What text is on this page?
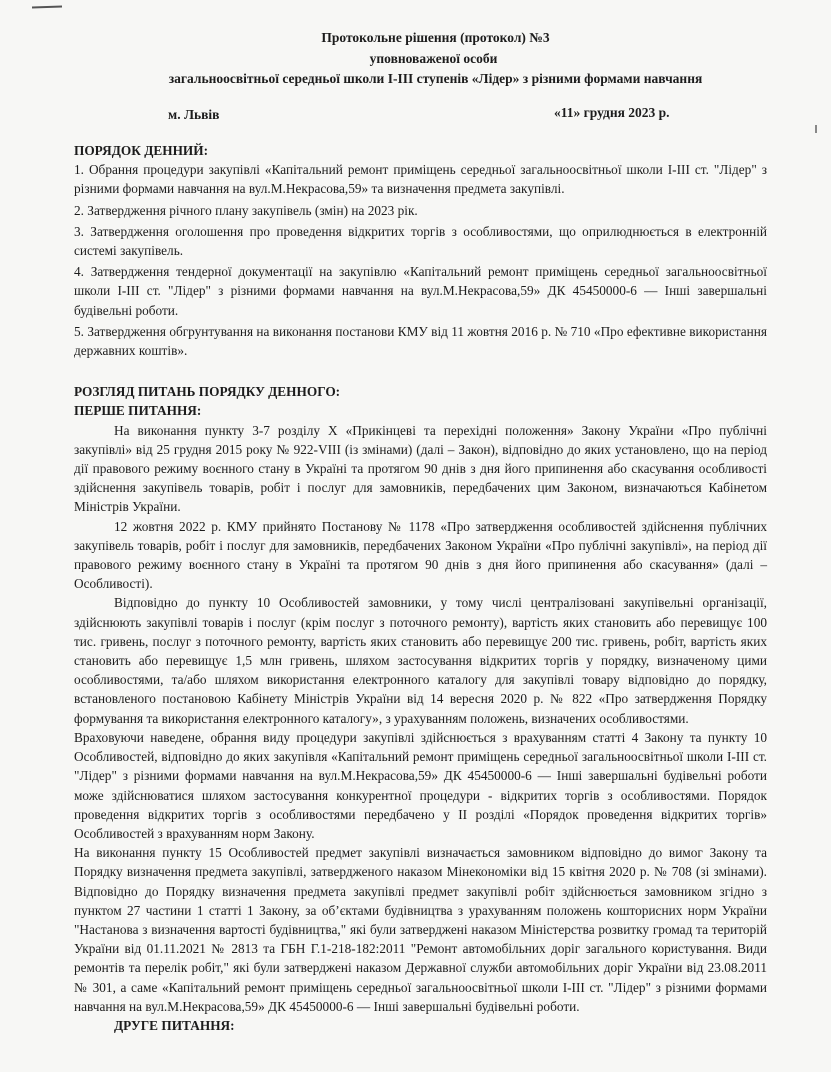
Протокольне рішення (протокол) №3
уповноваженої особи
загальноосвітньої середньої школи І-ІІІ ступенів «Лідер» з різними формами навчання
м. Львів	«11» грудня 2023 р.

ПОРЯДОК ДЕННИЙ:

1. Обрання процедури закупівлі «Капітальний ремонт приміщень середньої загальноосвітньої школи І-ІІІ ст. "Лідер" з різними формами навчання на вул.М.Некрасова,59» та визначення предмета закупівлі.

2. Затвердження річного плану закупівель (змін) на 2023 рік.

3. Затвердження оголошення про проведення відкритих торгів з особливостями, що оприлюднюється в електронній системі закупівель.

4. Затвердження тендерної документації на закупівлю «Капітальний ремонт приміщень середньої загальноосвітньої школи І-ІІІ ст. "Лідер" з різними формами навчання на вул.М.Некрасова,59» ДК 45450000-6 — Інші завершальні будівельні роботи.

5. Затвердження обгрунтування на виконання постанови КМУ від 11 жовтня 2016 р. № 710 «Про ефективне використання державних коштів».

РОЗГЛЯД ПИТАНЬ ПОРЯДКУ ДЕННОГО:

ПЕРШЕ ПИТАННЯ:

На виконання пункту 3-7 розділу X «Прикінцеві та перехідні положення» Закону України «Про публічні закупівлі» від 25 грудня 2015 року № 922-VIII (із змінами) (далі – Закон), відповідно до яких установлено, що на період дії правового режиму воєнного стану в Україні та протягом 90 днів з дня його припинення або скасування особливості здійснення закупівель товарів, робіт і послуг для замовників, передбачених цим Законом, визначаються Кабінетом Міністрів України.

12 жовтня 2022 р. КМУ прийнято Постанову № 1178 «Про затвердження особливостей здійснення публічних закупівель товарів, робіт і послуг для замовників, передбачених Законом України «Про публічні закупівлі», на період дії правового режиму воєнного стану в Україні та протягом 90 днів з дня його припинення або скасування» (далі – Особливості).

Відповідно до пункту 10 Особливостей замовники, у тому числі централізовані закупівельні організації, здійснюють закупівлі товарів і послуг (крім послуг з поточного ремонту), вартість яких становить або перевищує 100 тис. гривень, послуг з поточного ремонту, вартість яких становить або перевищує 200 тис. гривень, робіт, вартість яких становить або перевищує 1,5 млн гривень, шляхом застосування відкритих торгів у порядку, визначеному цими особливостями, та/або шляхом використання електронного каталогу для закупівлі товару відповідно до порядку, встановленого постановою Кабінету Міністрів України від 14 вересня 2020 р. № 822 «Про затвердження Порядку формування та використання електронного каталогу», з урахуванням положень, визначених особливостями.

Враховуючи наведене, обрання виду процедури закупівлі здійснюється з врахуванням статті 4 Закону та пункту 10 Особливостей, відповідно до яких закупівля «Капітальний ремонт приміщень середньої загальноосвітньої школи І-ІІІ ст. "Лідер" з різними формами навчання на вул.М.Некрасова,59» ДК 45450000-6 — Інші завершальні будівельні роботи може здійснюватися шляхом застосування конкурентної процедури - відкритих торгів з особливостями. Порядок проведення відкритих торгів з особливостями передбачено у ІІ розділі «Порядок проведення відкритих торгів» Особливостей з врахуванням норм Закону.

На виконання пункту 15 Особливостей предмет закупівлі визначається замовником відповідно до вимог Закону та Порядку визначення предмета закупівлі, затвердженого наказом Мінекономіки від 15 квітня 2020 р. № 708 (зі змінами). Відповідно до Порядку визначення предмета закупівлі предмет закупівлі робіт здійснюється замовником згідно з пунктом 27 частини 1 статті 1 Закону, за об’єктами будівництва з урахуванням положень кошторисних норм України "Настанова з визначення вартості будівництва," які були затверджені наказом Міністерства розвитку громад та територій України від 01.11.2021 № 2813 та ГБН Г.1-218-182:2011 "Ремонт автомобільних доріг загального користування. Види ремонтів та перелік робіт," які були затверджені наказом Державної служби автомобільних доріг України від 23.08.2011 № 301, а саме «Капітальний ремонт приміщень середньої загальноосвітньої школи І-ІІІ ст. "Лідер" з різними формами навчання на вул.М.Некрасова,59» ДК 45450000-6 — Інші завершальні будівельні роботи.

ДРУГЕ ПИТАННЯ:
